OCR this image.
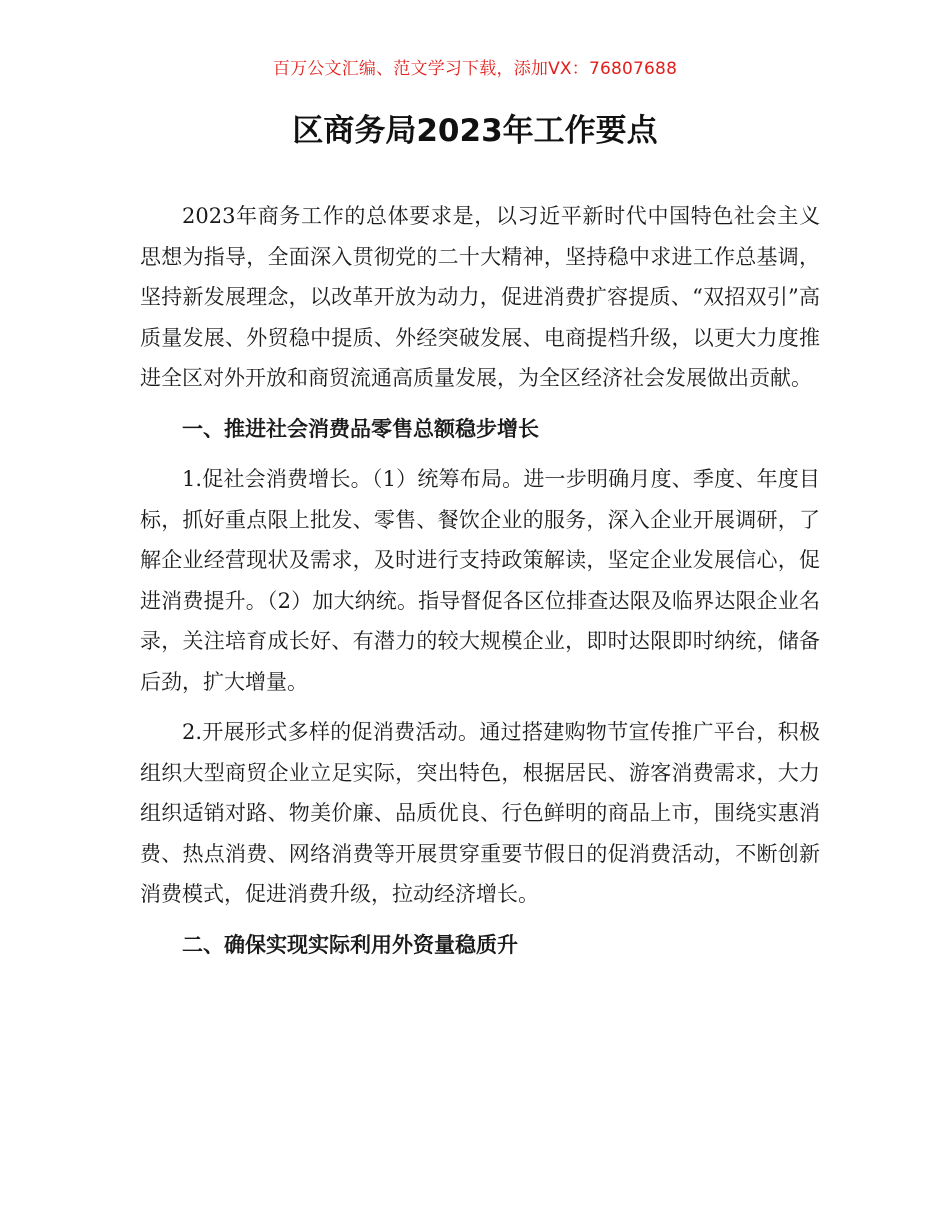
百万公文汇编、范文学习下载，添加VX：76807688
区商务局2023年工作要点

2023年商务工作的总体要求是，以习近平新时代中国特色社会主义思想为指导，全面深入贯彻党的二十大精神，坚持稳中求进工作总基调，坚持新发展理念，以改革开放为动力，促进消费扩容提质、“双招双引”高质量发展、外贸稳中提质、外经突破发展、电商提档升级，以更大力度推进全区对外开放和商贸流通高质量发展，为全区经济社会发展做出贡献。

一、推进社会消费品零售总额稳步增长

1.促社会消费增长。（1）统筹布局。进一步明确月度、季度、年度目标，抓好重点限上批发、零售、餐饮企业的服务，深入企业开展调研，了解企业经营现状及需求，及时进行支持政策解读，坚定企业发展信心，促进消费提升。（2）加大纳统。指导督促各区位排查达限及临界达限企业名录，关注培育成长好、有潜力的较大规模企业，即时达限即时纳统，储备后劲，扩大增量。

2.开展形式多样的促消费活动。通过搭建购物节宣传推广平台，积极组织大型商贸企业立足实际，突出特色，根据居民、游客消费需求，大力组织适销对路、物美价廉、品质优良、行色鲜明的商品上市，围绕实惠消费、热点消费、网络消费等开展贯穿重要节假日的促消费活动，不断创新消费模式，促进消费升级，拉动经济增长。

二、确保实现实际利用外资量稳质升
